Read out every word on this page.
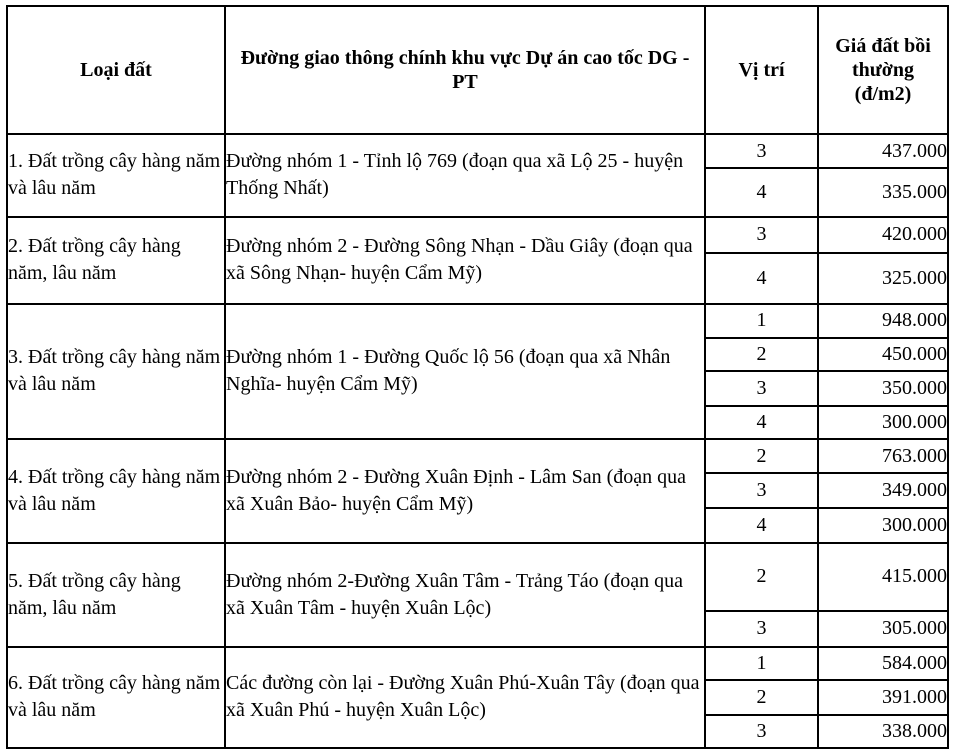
Loại đất	Đường giao thông chính khu vực Dự án cao tốc DG - PT	Vị trí	Giá đất bồi thường (đ/m2)
1. Đất trồng cây hàng năm và lâu năm	Đường nhóm 1 - Tỉnh lộ 769 (đoạn qua xã Lộ 25 - huyện Thống Nhất)	3	437.000
		4	335.000
2. Đất trồng cây hàng năm, lâu năm	Đường nhóm 2 - Đường Sông Nhạn - Dầu Giây (đoạn qua xã Sông Nhạn- huyện Cẩm Mỹ)	3	420.000
		4	325.000
3. Đất trồng cây hàng năm và lâu năm	Đường nhóm 1 - Đường Quốc lộ 56 (đoạn qua xã Nhân Nghĩa- huyện Cẩm Mỹ)	1	948.000
		2	450.000
		3	350.000
		4	300.000
4. Đất trồng cây hàng năm và lâu năm	Đường nhóm 2 - Đường Xuân Định - Lâm San (đoạn qua xã Xuân Bảo- huyện Cẩm Mỹ)	2	763.000
		3	349.000
		4	300.000
5. Đất trồng cây hàng năm, lâu năm	Đường nhóm 2-Đường Xuân Tâm - Trảng Táo (đoạn qua xã Xuân Tâm - huyện Xuân Lộc)	2	415.000
		3	305.000
6. Đất trồng cây hàng năm và lâu năm	Các đường còn lại - Đường Xuân Phú-Xuân Tây (đoạn qua xã Xuân Phú - huyện Xuân Lộc)	1	584.000
		2	391.000
		3	338.000
